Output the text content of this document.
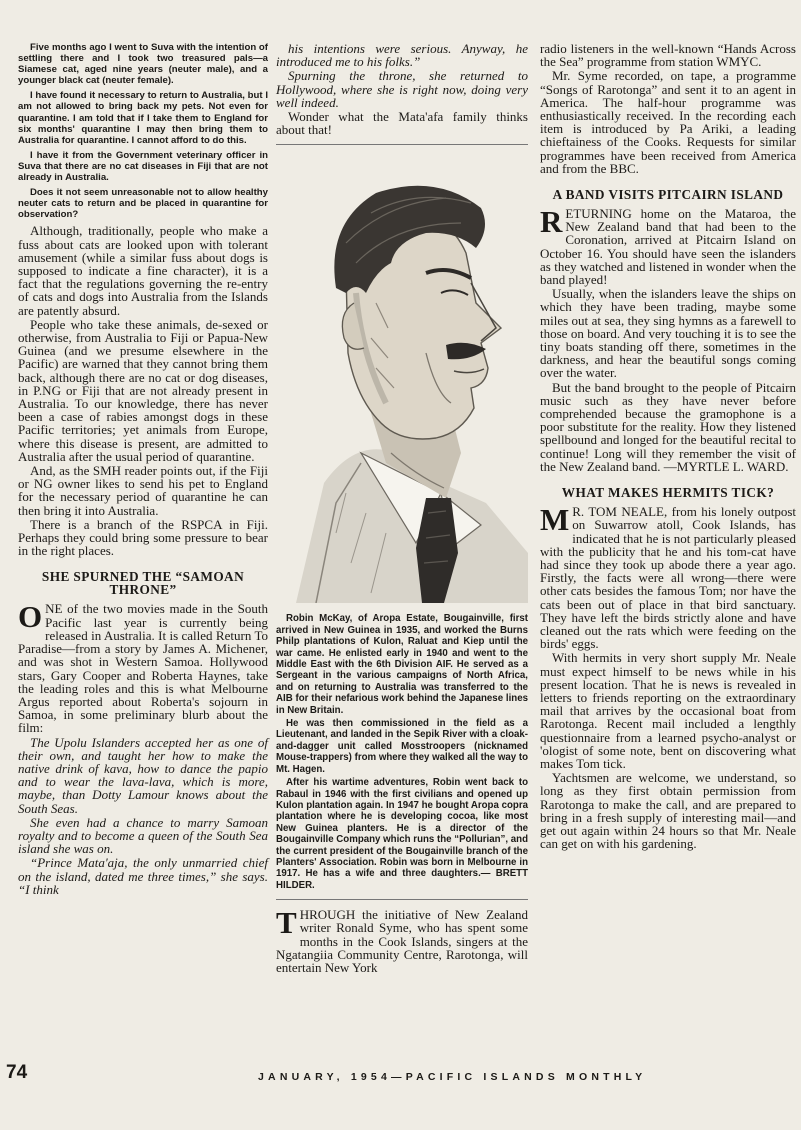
Five months ago I went to Suva with the intention of settling there and I took two treasured pals—a Siamese cat, aged nine years (neuter male), and a younger black cat (neuter female).

I have found it necessary to return to Australia, but I am not allowed to bring back my pets. Not even for quarantine. I am told that if I take them to England for six months' quarantine I may then bring them to Australia for quarantine. I cannot afford to do this.

I have it from the Government veterinary officer in Suva that there are no cat diseases in Fiji that are not already in Australia.

Does it not seem unreasonable not to allow healthy neuter cats to return and be placed in quarantine for observation?

Although, traditionally, people who make a fuss about cats are looked upon with tolerant amusement (while a similar fuss about dogs is supposed to indicate a fine character), it is a fact that the regulations governing the re-entry of cats and dogs into Australia from the Islands are patently absurd.

People who take these animals, de-sexed or otherwise, from Australia to Fiji or Papua-New Guinea (and we presume elsewhere in the Pacific) are warned that they cannot bring them back, although there are no cat or dog diseases, in P.NG or Fiji that are not already present in Australia. To our knowledge, there has never been a case of rabies amongst dogs in these Pacific territories; yet animals from Europe, where this disease is present, are admitted to Australia after the usual period of quarantine.

And, as the SMH reader points out, if the Fiji or NG owner likes to send his pet to England for the necessary period of quarantine he can then bring it into Australia.

There is a branch of the RSPCA in Fiji. Perhaps they could bring some pressure to bear in the right places.

SHE SPURNED THE “SAMOAN THRONE”

ONE of the two movies made in the South Pacific last year is currently being released in Australia. It is called Return To Paradise—from a story by James A. Michener, and was shot in Western Samoa. Hollywood stars, Gary Cooper and Roberta Haynes, take the leading roles and this is what Melbourne Argus reported about Roberta's sojourn in Samoa, in some preliminary blurb about the film:

The Upolu Islanders accepted her as one of their own, and taught her how to make the native drink of kava, how to dance the papio and to wear the lava-lava, which is more, maybe, than Dotty Lamour knows about the South Seas.

She even had a chance to marry Samoan royalty and to become a queen of the South Sea island she was on.

“Prince Mata'aja, the only unmarried chief on the island, dated me three times,” she says. “I think

his intentions were serious. Anyway, he introduced me to his folks.”

Spurning the throne, she returned to Hollywood, where she is right now, doing very well indeed.

Wonder what the Mata'afa family thinks about that!

Robin McKay, of Aropa Estate, Bougainville, first arrived in New Guinea in 1935, and worked the Burns Philp plantations of Kulon, Raluat and Kiep until the war came. He enlisted early in 1940 and went to the Middle East with the 6th Division AIF. He served as a Sergeant in the various campaigns of North Africa, and on returning to Australia was transferred to the AIB for their nefarious work behind the Japanese lines in New Britain.

He was then commissioned in the field as a Lieutenant, and landed in the Sepik River with a cloak-and-dagger unit called Mosstroopers (nicknamed Mouse-trappers) from where they walked all the way to Mt. Hagen.

After his wartime adventures, Robin went back to Rabaul in 1946 with the first civilians and opened up Kulon plantation again. In 1947 he bought Aropa copra plantation where he is developing cocoa, like most New Guinea planters. He is a director of the Bougainville Company which runs the “Pollurian”, and the current president of the Bougainville branch of the Planters' Association. Robin was born in Melbourne in 1917. He has a wife and three daughters.— BRETT HILDER.

THROUGH the initiative of New Zealand writer Ronald Syme, who has spent some months in the Cook Islands, singers at the Ngatangiia Community Centre, Rarotonga, will entertain New York

radio listeners in the well-known “Hands Across the Sea” programme from station WMYC.

Mr. Syme recorded, on tape, a programme “Songs of Rarotonga” and sent it to an agent in America. The half-hour programme was enthusiastically received. In the recording each item is introduced by Pa Ariki, a leading chieftainess of the Cooks. Requests for similar programmes have been received from America and from the BBC.

A BAND VISITS PITCAIRN ISLAND

RETURNING home on the Mataroa, the New Zealand band that had been to the Coronation, arrived at Pitcairn Island on October 16. You should have seen the islanders as they watched and listened in wonder when the band played!

Usually, when the islanders leave the ships on which they have been trading, maybe some miles out at sea, they sing hymns as a farewell to those on board. And very touching it is to see the tiny boats standing off there, sometimes in the darkness, and hear the beautiful songs coming over the water.

But the band brought to the people of Pitcairn music such as they have never before comprehended because the gramophone is a poor substitute for the reality. How they listened spellbound and longed for the beautiful recital to continue! Long will they remember the visit of the New Zealand band. —MYRTLE L. WARD.

WHAT MAKES HERMITS TICK?

M R. TOM NEALE, from his lonely outpost on Suwarrow atoll, Cook Islands, has indicated that he is not particularly pleased with the publicity that he and his tom-cat have had since they took up abode there a year ago. Firstly, the facts were all wrong—there were other cats besides the famous Tom; nor have the cats been out of place in that bird sanctuary. They have left the birds strictly alone and have cleaned out the rats which were feeding on the birds' eggs.

With hermits in very short supply Mr. Neale must expect himself to be news while in his present location. That he is news is revealed in letters to friends reporting on the extraordinary mail that arrives by the occasional boat from Rarotonga. Recent mail included a lengthly questionnaire from a learned psycho-analyst or 'ologist of some note, bent on discovering what makes Tom tick.

Yachtsmen are welcome, we understand, so long as they first obtain permission from Rarotonga to make the call, and are prepared to bring in a fresh supply of interesting mail—and get out again within 24 hours so that Mr. Neale can get on with his gardening.

74	JANUARY, 1954—PACIFIC ISLANDS MONTHLY
